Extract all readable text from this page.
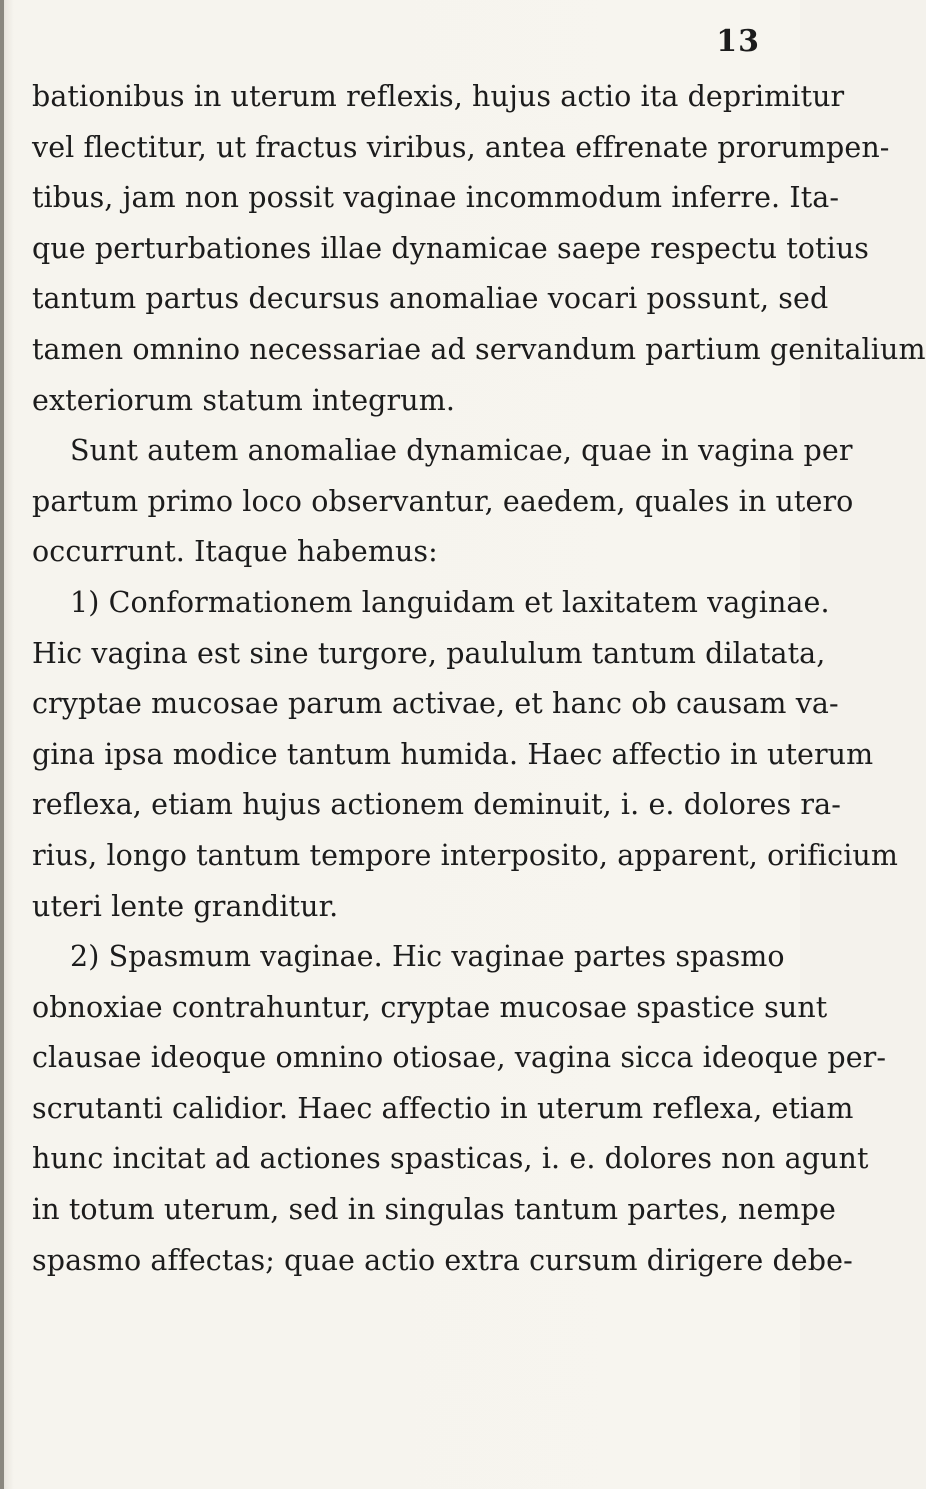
13
bationibus in uterum reflexis, hujus actio ita deprimitur
vel flectitur, ut fractus viribus, antea effrenate prorumpen-
tibus, jam non possit vaginae incommodum inferre. Ita-
que perturbationes illae dynamicae saepe respectu totius
tantum partus decursus anomaliae vocari possunt, sed
tamen omnino necessariae ad servandum partium genitalium
exteriorum statum integrum.
Sunt autem anomaliae dynamicae, quae in vagina per
partum primo loco observantur, eaedem, quales in utero
occurrunt. Itaque habemus:
1) Conformationem languidam et laxitatem vaginae.
Hic vagina est sine turgore, paululum tantum dilatata,
cryptae mucosae parum activae, et hanc ob causam va-
gina ipsa modice tantum humida. Haec affectio in uterum
reflexa, etiam hujus actionem deminuit, i. e. dolores ra-
rius, longo tantum tempore interposito, apparent, orificium
uteri lente granditur.
2) Spasmum vaginae. Hic vaginae partes spasmo
obnoxiae contrahuntur, cryptae mucosae spastice sunt
clausae ideoque omnino otiosae, vagina sicca ideoque per-
scrutanti calidior. Haec affectio in uterum reflexa, etiam
hunc incitat ad actiones spasticas, i. e. dolores non agunt
in totum uterum, sed in singulas tantum partes, nempe
spasmo affectas; quae actio extra cursum dirigere debe-
